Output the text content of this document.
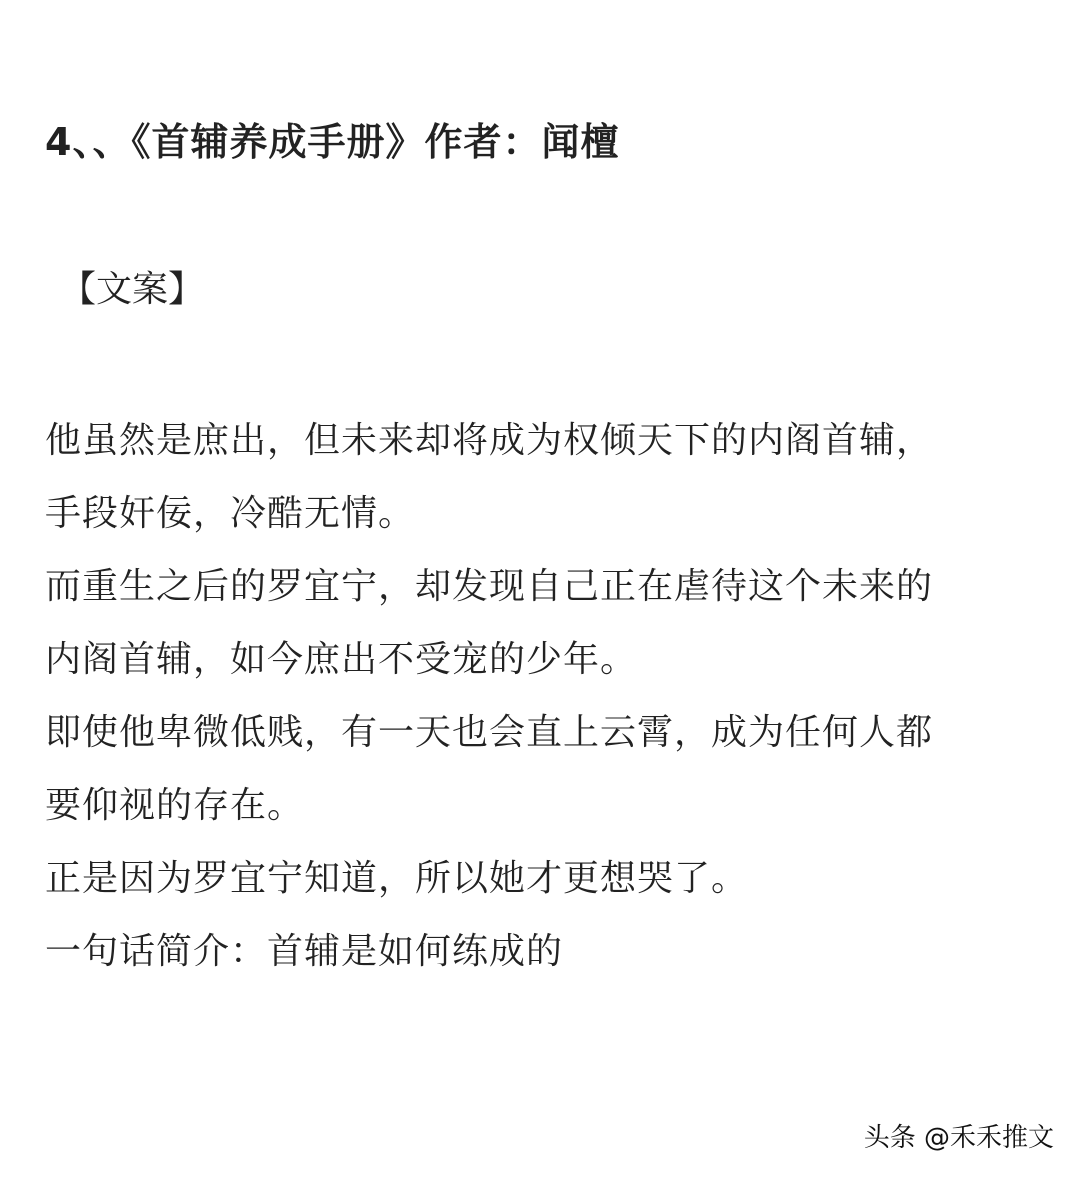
4、、《首辅养成手册》作者：闻檀
【文案】
他虽然是庶出，但未来却将成为权倾天下的内阁首辅，
手段奸佞，冷酷无情。
而重生之后的罗宜宁，却发现自己正在虐待这个未来的
内阁首辅，如今庶出不受宠的少年。
即使他卑微低贱，有一天也会直上云霄，成为任何人都
要仰视的存在。
正是因为罗宜宁知道，所以她才更想哭了。
一句话简介：首辅是如何练成的
头条 @禾禾推文
